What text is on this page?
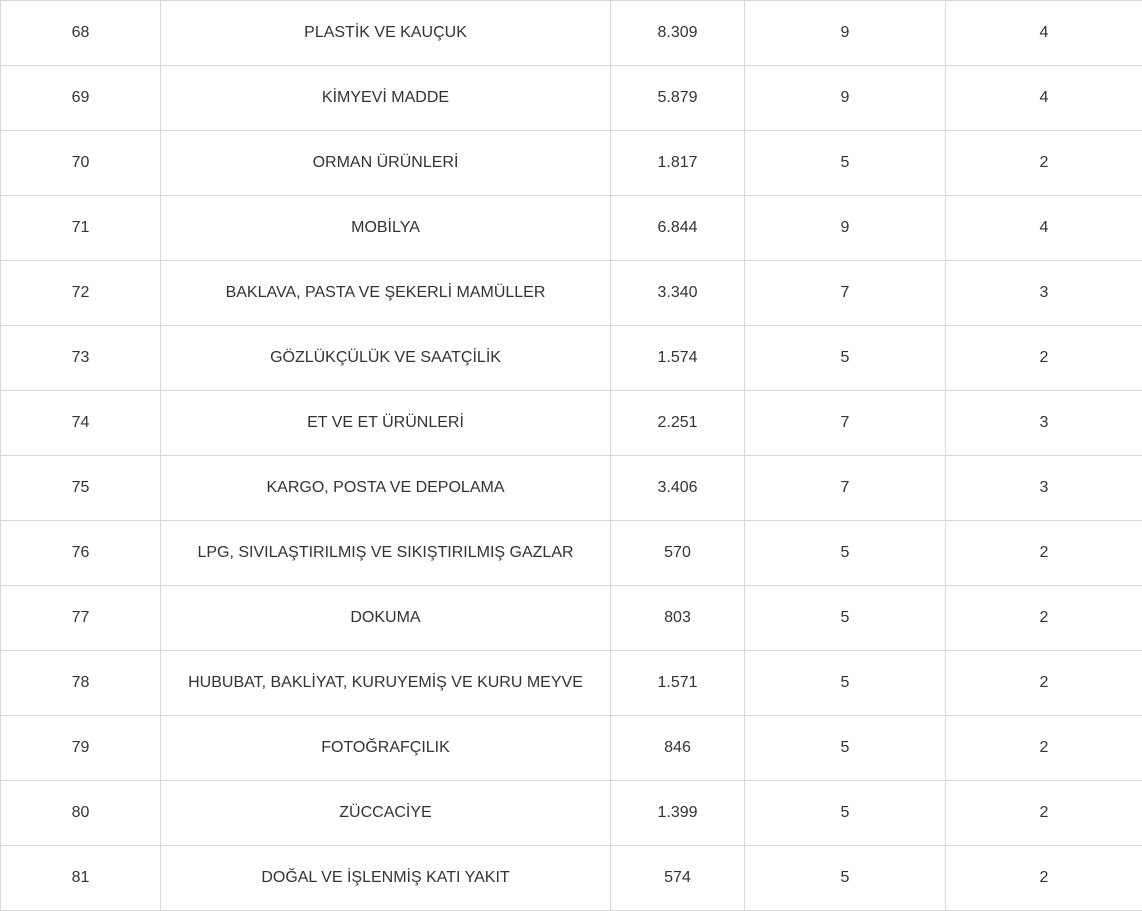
68	PLASTİK VE KAUÇUK	8.309	9	4
69	KİMYEVİ MADDE	5.879	9	4
70	ORMAN ÜRÜNLERİ	1.817	5	2
71	MOBİLYA	6.844	9	4
72	BAKLAVA, PASTA VE ŞEKERLİ MAMÜLLER	3.340	7	3
73	GÖZLÜKÇÜLÜK VE SAATÇİLİK	1.574	5	2
74	ET VE ET ÜRÜNLERİ	2.251	7	3
75	KARGO, POSTA VE DEPOLAMA	3.406	7	3
76	LPG, SIVILAŞTIRILMIŞ VE SIKIŞTIRILMIŞ GAZLAR	570	5	2
77	DOKUMA	803	5	2
78	HUBUBAT, BAKLİYAT, KURUYEMİŞ VE KURU MEYVE	1.571	5	2
79	FOTOĞRAFÇILIK	846	5	2
80	ZÜCCACİYE	1.399	5	2
81	DOĞAL VE İŞLENMİŞ KATI YAKIT	574	5	2
